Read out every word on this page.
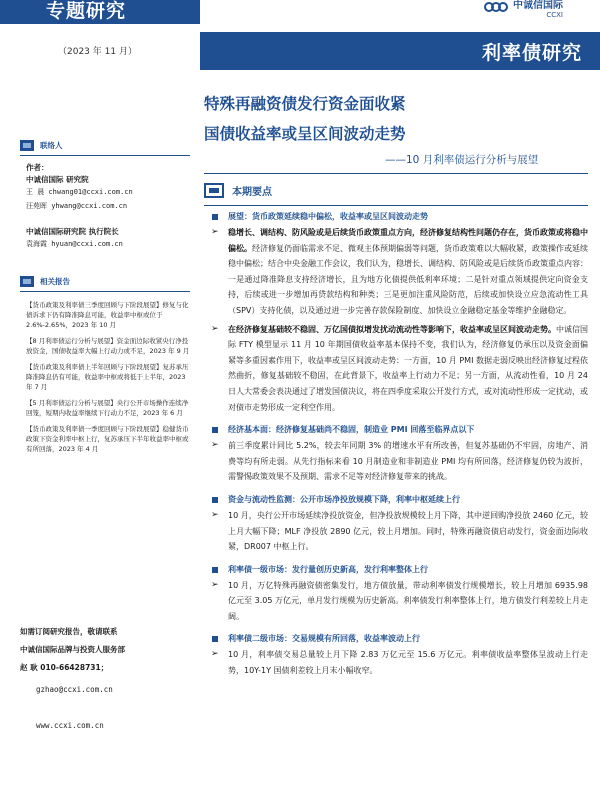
专题研究	中诚信国际
CCXI
（2023 年 11 月）	利率债研究
特殊再融资债发行资金面收紧
国债收益率或呈区间波动走势
——10 月利率债运行分析与展望
联络人
作者：
中诚信国际 研究院
王 晨 chwang01@ccxi.com.cn
汪苑晖 yhwang@ccxi.com.cn
中诚信国际研究院 执行院长
袁海霞 hyuan@ccxi.com.cn
相关报告
【货币政策及利率债三季度回顾与下阶段展望】修复与化债诉求下仍有降准降息可能，收益率中枢或位于 2.6%-2.65%，2023 年 10 月
【8 月利率债运行分析与展望】资金面边际收紧央行净投放资金，国债收益率大幅上行动力或不足，2023 年 9 月
【货币政策及利率债上半年回顾与下阶段展望】复苏承压降准降息仍有可能，收益率中枢或将低于上半年，2023 年 7 月
【5 月利率债运行分析与展望】央行公开市场操作连续净回笼，短期内收益率继续下行动力不足，2023 年 6 月
【货币政策及利率债一季度回顾与下阶段展望】稳健货币政策下资金利率中枢上行，复苏承压下半年收益率中枢或有所回落，2023 年 4 月
如需订阅研究报告，敬请联系
中诚信国际品牌与投资人服务部
赵 耿 010-66428731；
gzhao@ccxi.com.cn
www.ccxi.com.cn
本期要点
展望：货币政策延续稳中偏松，收益率或呈区间波动走势
➢ 稳增长、调结构、防风险或是后续货币政策重点方向，经济修复结构性问题仍存在，货币政策或将稳中偏松。经济修复仍面临需求不足、微观主体预期偏弱等问题，货币政策难以大幅收紧，政策操作或延续稳中偏松；结合中央金融工作会议，我们认为，稳增长、调结构、防风险或是后续货币政策重点内容：一是通过降准降息支持经济增长，且为地方化债提供低利率环境；二是针对重点领域提供定向资金支持，后续或进一步增加再贷款结构和种类；三是更加注重风险防范，后续或加快设立应急流动性工具（SPV）支持化债，以及通过进一步完善存款保险制度、加快设立金融稳定基金等维护金融稳定。
➢ 在经济修复基础较不稳固、万亿国债拟增发扰动流动性等影响下，收益率或呈区间波动走势。中诚信国际 FTY 模型显示 11 月 10 年期国债收益率基本保持不变，我们认为，经济修复仍承压以及资金面偏紧等多重因素作用下，收益率或呈区间波动走势：一方面，10 月 PMI 数据走弱反映出经济修复过程依然曲折，修复基础较不稳固，在此背景下，收益率上行动力不足；另一方面，从流动性看，10 月 24 日人大常委会表决通过了增发国债决议，将在四季度采取公开发行方式，或对流动性形成一定扰动，或对债市走势形成一定利空作用。
经济基本面：经济修复基础尚不稳固，制造业 PMI 回落至临界点以下
➢ 前三季度累计同比 5.2%，较去年同期 3% 的增速水平有所改善，但复苏基础仍不牢固，房地产、消费等均有所走弱。从先行指标来看 10 月制造业和非制造业 PMI 均有所回落，经济修复仍较为波折，需警惕政策效果不及预期、需求不足等对经济修复带来的挑战。
资金与流动性监测：公开市场净投放规模下降，利率中枢延续上行
➢ 10 月，央行公开市场延续净投放资金，但净投放规模较上月下降，其中逆回购净投放 2460 亿元，较上月大幅下降；MLF 净投放 2890 亿元，较上月增加。同时，特殊再融资债启动发行，资金面边际收紧，DR007 中枢上行。
利率债一级市场：发行量创历史新高，发行利率整体上行
➢ 10 月，万亿特殊再融资债密集发行，地方债放量，带动利率债发行规模增长，较上月增加 6935.98 亿元至 3.05 万亿元，单月发行规模为历史新高。利率债发行利率整体上行，地方债发行利差较上月走阔。
利率债二级市场：交易规模有所回落，收益率波动上行
➢ 10 月，利率债交易总量较上月下降 2.83 万亿元至 15.6 万亿元。利率债收益率整体呈波动上行走势，10Y-1Y 国债利差较上月末小幅收窄。
